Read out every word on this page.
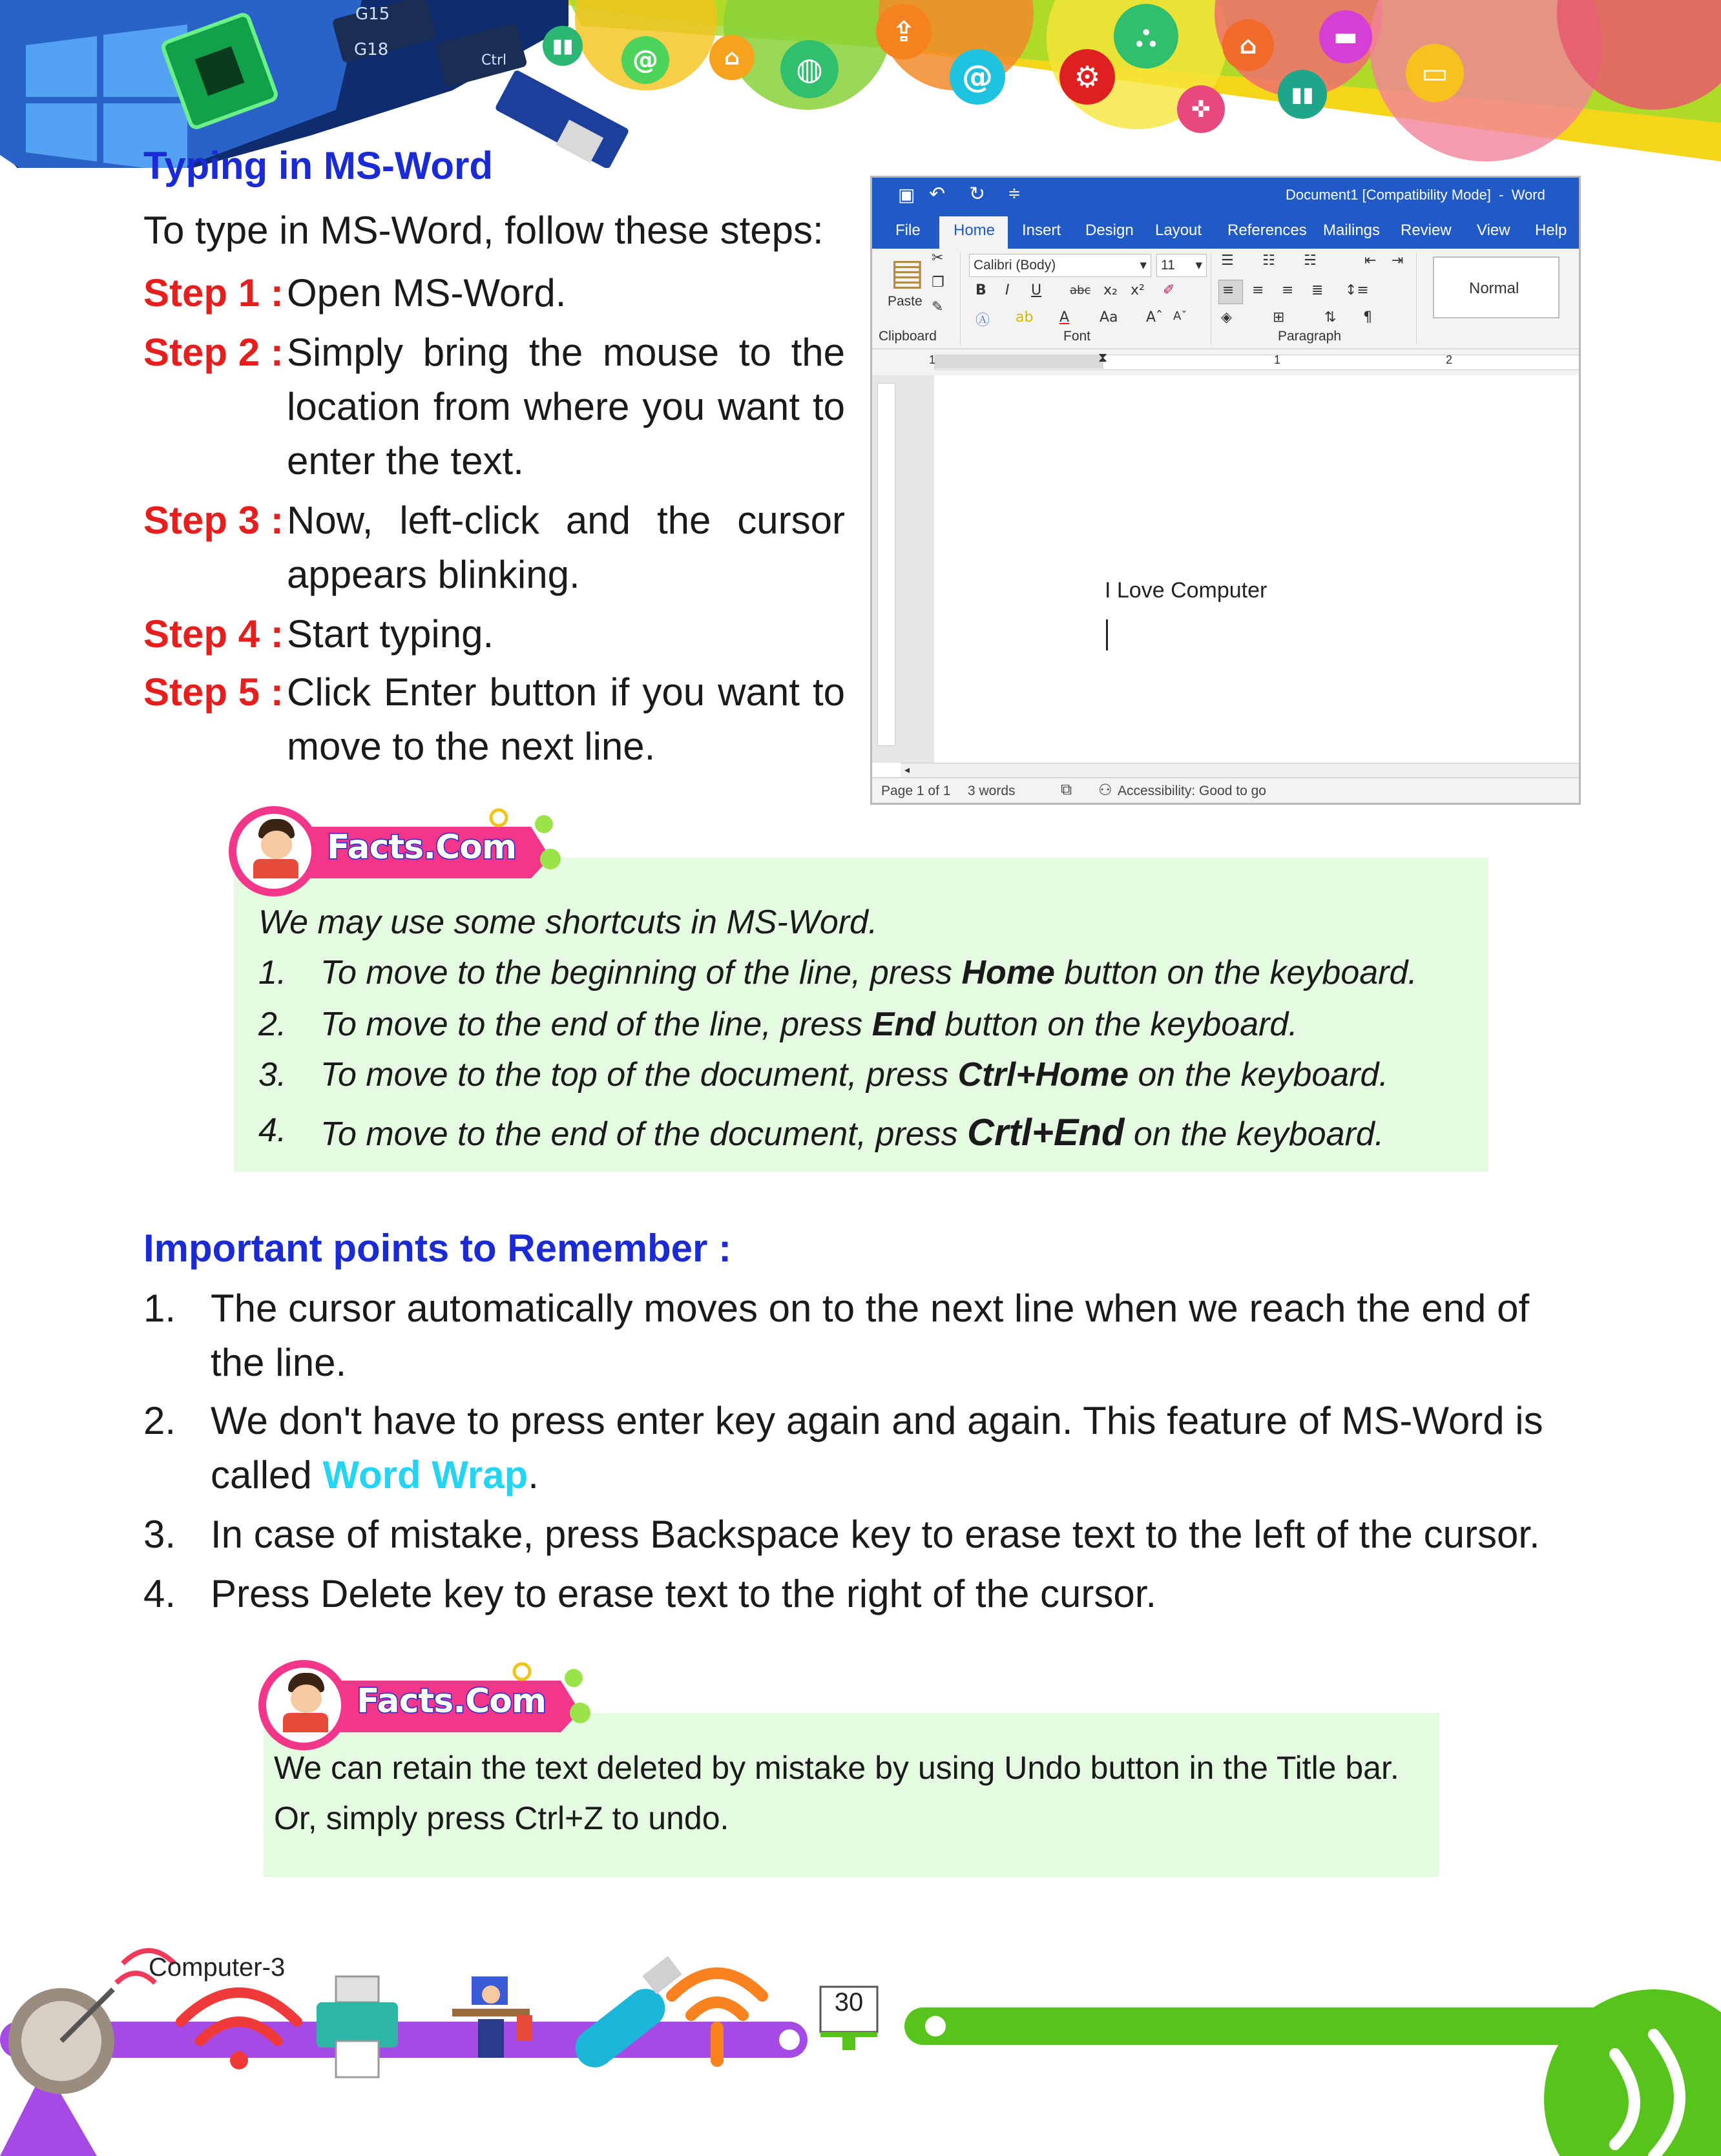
G15
G18
Ctrl
▮▮	@	⌂	◍
⇪
@	⚙
⛬
✜
⌂
▮▮
▬
▭
Typing in MS-Word
To type in MS-Word, follow these steps:
Step 1 : Open MS-Word.
Step 2 : Simply bring the mouse to the location from where you want to enter the text.
Step 3 : Now, left-click and the cursor appears blinking.
Step 4 : Start typing.
Step 5 : Click Enter button if you want to move to the next line.
▣ ↶ ↻ ≑	Document1 [Compatibility Mode]  -  Word
File Home Insert Design Layout References Mailings Review View Help
▤
Paste
✂
❐
✎
Clipboard
Calibri (Body)	▾ 11 ▾
B I U abc x₂ x² ✐
Ⓐ ab A Aa Aˆ Aˇ
Font
☰ ☷ ☵	⇤ ⇥
≡ ≡ ≡ ≣ ↕≡
◈	⊞	⇅ ¶
Paragraph
Normal
1	1	2
⧗
I Love Computer
◂
Page 1 of 1 3 words	⧉ ⚇ Accessibility: Good to go
We may use some shortcuts in MS-Word.
1. To move to the beginning of the line, press Home button on the keyboard.
2. To move to the end of the line, press End button on the keyboard.
3. To move to the top of the document, press Ctrl+Home on the keyboard.
4. To move to the end of the document, press Crtl+End on the keyboard.
Facts.Com
Important points to Remember :
1. The cursor automatically moves on to the next line when we reach the end of the line.
2. We don't have to press enter key again and again. This feature of MS-Word is called Word Wrap.
3. In case of mistake, press Backspace key to erase text to the left of the cursor.
4. Press Delete key to erase text to the right of the cursor.
We can retain the text deleted by mistake by using Undo button in the Title bar.
Or, simply press Ctrl+Z to undo.
Facts.Com
Computer-3
30
